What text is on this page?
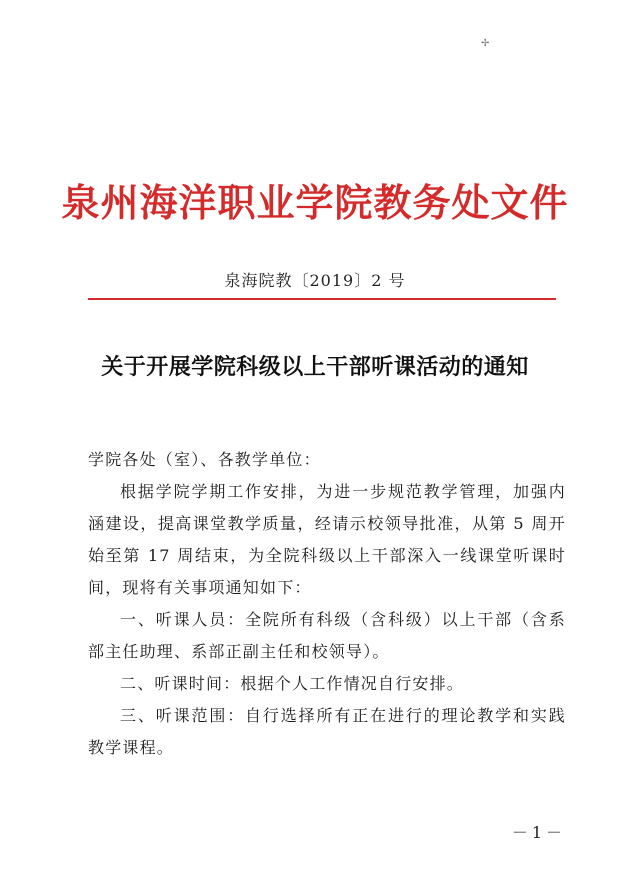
✢
泉州海洋职业学院教务处文件
泉海院教〔2019〕2 号
关于开展学院科级以上干部听课活动的通知

学院各处（室）、各教学单位：

根据学院学期工作安排，为进一步规范教学管理，加强内涵建设，提高课堂教学质量，经请示校领导批准，从第 5 周开始至第 17 周结束，为全院科级以上干部深入一线课堂听课时间，现将有关事项通知如下：

一、听课人员：全院所有科级（含科级）以上干部（含系部主任助理、系部正副主任和校领导）。

二、听课时间：根据个人工作情况自行安排。

三、听课范围：自行选择所有正在进行的理论教学和实践教学课程。

－1－
